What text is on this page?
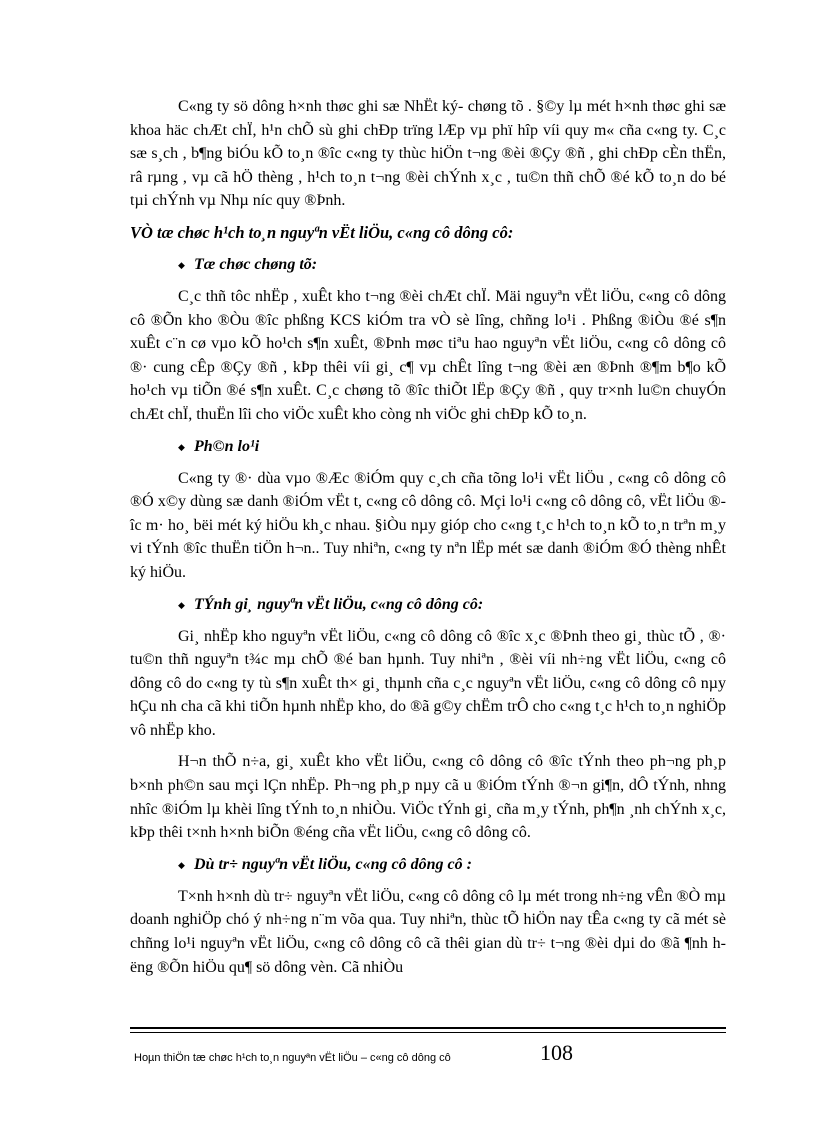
C«ng ty sö dông h×nh thøc ghi sæ NhËt ký- chøng tõ . §©y lµ mét h×nh thøc ghi sæ khoa häc chÆt chÏ, h¹n chÕ sù ghi chÐp trïng lÆp vµ phï hîp víi quy m« cña c«ng ty. C¸c sæ s¸ch , b¶ng biÓu kÕ to¸n ®îc c«ng ty thùc hiÖn t¬ng ®èi ®Çy ®ñ , ghi chÐp cÈn thËn, râ rµng , vµ cã hÖ thèng , h¹ch to¸n t¬ng ®èi chÝnh x¸c , tu©n thñ chÕ ®é kÕ to¸n do bé tµi chÝnh vµ Nhµ níc quy ®Þnh.

VÒ tæ chøc h¹ch to¸n nguyªn vËt liÖu, c«ng cô dông cô:
◆ Tæ chøc chøng tõ:

C¸c thñ tôc nhËp , xuÊt kho t¬ng ®èi chÆt chÏ. Mäi nguyªn vËt liÖu, c«ng cô dông cô ®Õn kho ®Òu ®îc phßng KCS kiÓm tra vÒ sè lîng, chñng lo¹i . Phßng ®iÒu ®é s¶n xuÊt c¨n cø vµo kÕ ho¹ch s¶n xuÊt, ®Þnh møc tiªu hao nguyªn vËt liÖu, c«ng cô dông cô ®· cung cÊp ®Çy ®ñ , kÞp thêi víi gi¸ c¶ vµ chÊt lîng t¬ng ®èi æn ®Þnh ®¶m b¶o kÕ ho¹ch vµ tiÕn ®é s¶n xuÊt. C¸c chøng tõ ®îc thiÕt lËp ®Çy ®ñ , quy tr×nh lu©n chuyÓn chÆt chÏ, thuËn lîi cho viÖc xuÊt kho còng nh viÖc ghi chÐp kÕ to¸n.

◆ Ph©n lo¹i

C«ng ty ®· dùa vµo ®Æc ®iÓm quy c¸ch cña tõng lo¹i vËt liÖu , c«ng cô dông cô ®Ó x©y dùng sæ danh ®iÓm vËt t, c«ng cô dông cô. Mçi lo¹i c«ng cô dông cô, vËt liÖu ®îc m· ho¸ bëi mét ký hiÖu kh¸c nhau. §iÒu nµy gióp cho c«ng t¸c h¹ch to¸n kÕ to¸n trªn m¸y vi tÝnh ®îc thuËn tiÖn h¬n.. Tuy nhiªn, c«ng ty nªn lËp mét sæ danh ®iÓm ®Ó thèng nhÊt ký hiÖu.

◆ TÝnh gi¸ nguyªn vËt liÖu, c«ng cô dông cô:

Gi¸ nhËp kho nguyªn vËt liÖu, c«ng cô dông cô ®îc x¸c ®Þnh theo gi¸ thùc tÕ , ®· tu©n thñ nguyªn t¾c mµ chÕ ®é ban hµnh. Tuy nhiªn , ®èi víi nh÷ng vËt liÖu, c«ng cô dông cô do c«ng ty tù s¶n xuÊt th× gi¸ thµnh cña c¸c nguyªn vËt liÖu, c«ng cô dông cô nµy hÇu nh cha cã khi tiÕn hµnh nhËp kho, do ®ã g©y chËm trÔ cho c«ng t¸c h¹ch to¸n nghiÖp vô nhËp kho.

H¬n thÕ n÷a, gi¸ xuÊt kho vËt liÖu, c«ng cô dông cô ®îc tÝnh theo ph¬ng ph¸p b×nh ph©n sau mçi lÇn nhËp. Ph¬ng ph¸p nµy cã u ®iÓm tÝnh ®¬n gi¶n, dÔ tÝnh, nhng nhîc ®iÓm lµ khèi lîng tÝnh to¸n nhiÒu. ViÖc tÝnh gi¸ cña m¸y tÝnh, ph¶n ¸nh chÝnh x¸c, kÞp thêi t×nh h×nh biÕn ®éng cña vËt liÖu, c«ng cô dông cô.

◆ Dù tr÷ nguyªn vËt liÖu, c«ng cô dông cô :

T×nh h×nh dù tr÷ nguyªn vËt liÖu, c«ng cô dông cô lµ mét trong nh÷ng vÊn ®Ò mµ doanh nghiÖp chó ý nh÷ng n¨m võa qua. Tuy nhiªn, thùc tÕ hiÖn nay tÊa c«ng ty cã mét sè chñng lo¹i nguyªn vËt liÖu, c«ng cô dông cô cã thêi gian dù tr÷ t¬ng ®èi dµi do ®ã ¶nh hëng ®Õn hiÖu qu¶ sö dông vèn. Cã nhiÒu

Hoµn thiÖn tæ chøc h¹ch to¸n nguyªn vËt liÖu – c«ng cô dông cô	108
